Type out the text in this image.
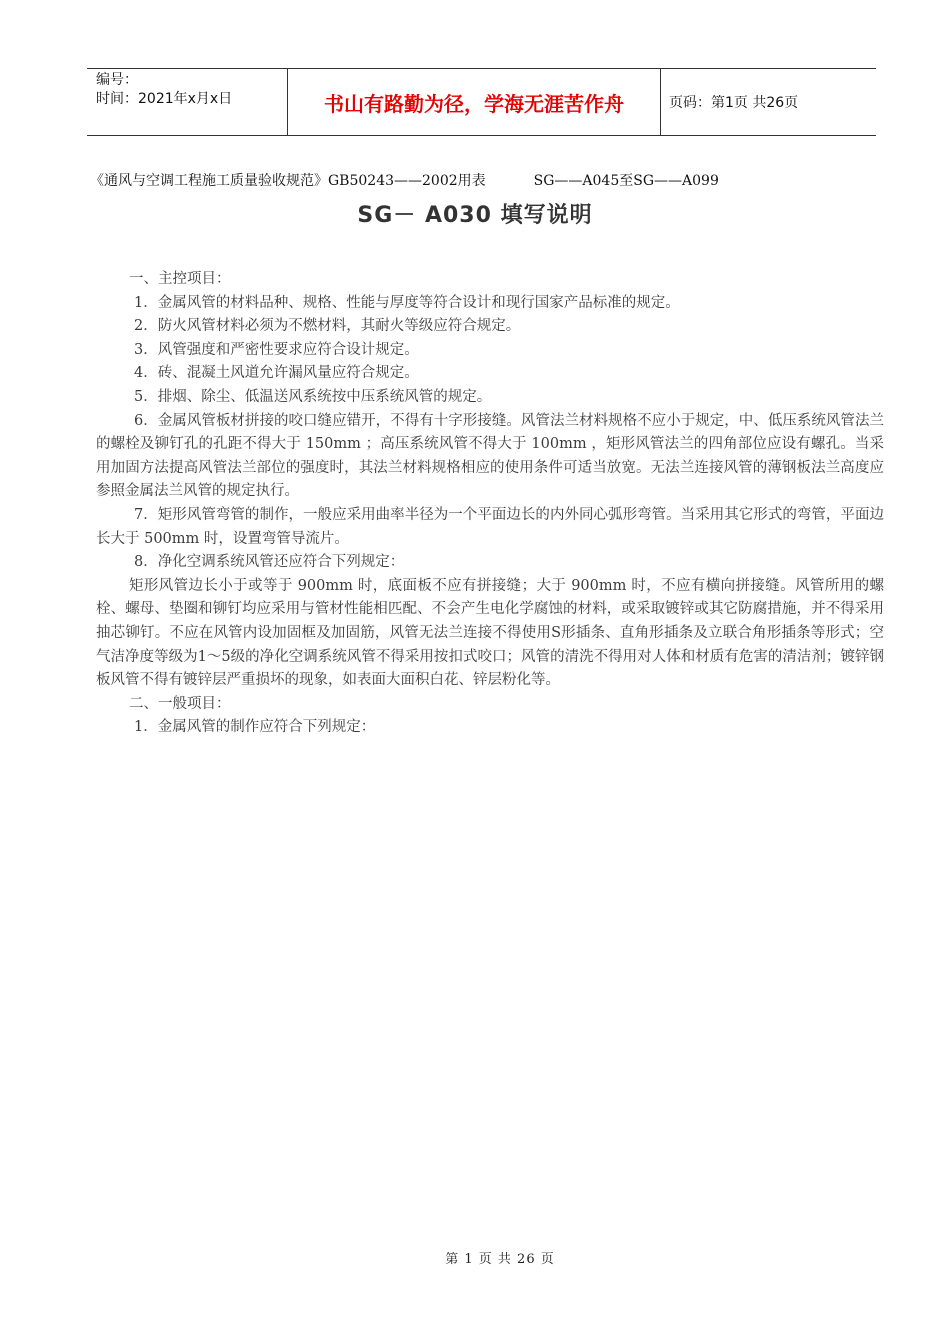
编号：
时间：2021年x月x日	书山有路勤为径，学海无涯苦作舟	页码：第1页 共26页
《通风与空调工程施工质量验收规范》GB50243——2002用表	SG——A045至SG——A099
SG－ A030 填写说明

一、主控项目：

1．金属风管的材料品种、规格、性能与厚度等符合设计和现行国家产品标准的规定。

2．防火风管材料必须为不燃材料，其耐火等级应符合规定。

3．风管强度和严密性要求应符合设计规定。

4．砖、混凝土风道允许漏风量应符合规定。

5．排烟、除尘、低温送风系统按中压系统风管的规定。

6．金属风管板材拼接的咬口缝应错开，不得有十字形接缝。风管法兰材料规格不应小于规定，中、低压系统风管法兰的螺栓及铆钉孔的孔距不得大于 150mm ；高压系统风管不得大于 100mm ，矩形风管法兰的四角部位应设有螺孔。当采用加固方法提高风管法兰部位的强度时，其法兰材料规格相应的使用条件可适当放宽。无法兰连接风管的薄钢板法兰高度应参照金属法兰风管的规定执行。

7．矩形风管弯管的制作，一般应采用曲率半径为一个平面边长的内外同心弧形弯管。当采用其它形式的弯管，平面边长大于 500mm 时，设置弯管导流片。

8．净化空调系统风管还应符合下列规定：

矩形风管边长小于或等于 900mm 时，底面板不应有拼接缝；大于 900mm 时，不应有横向拼接缝。风管所用的螺栓、螺母、垫圈和铆钉均应采用与管材性能相匹配、不会产生电化学腐蚀的材料，或采取镀锌或其它防腐措施，并不得采用抽芯铆钉。不应在风管内设加固框及加固筋，风管无法兰连接不得使用S形插条、直角形插条及立联合角形插条等形式；空气洁净度等级为1～5级的净化空调系统风管不得采用按扣式咬口；风管的清洗不得用对人体和材质有危害的清洁剂；镀锌钢板风管不得有镀锌层严重损坏的现象，如表面大面积白花、锌层粉化等。

二、一般项目：

1．金属风管的制作应符合下列规定：

第 1 页 共 26 页
